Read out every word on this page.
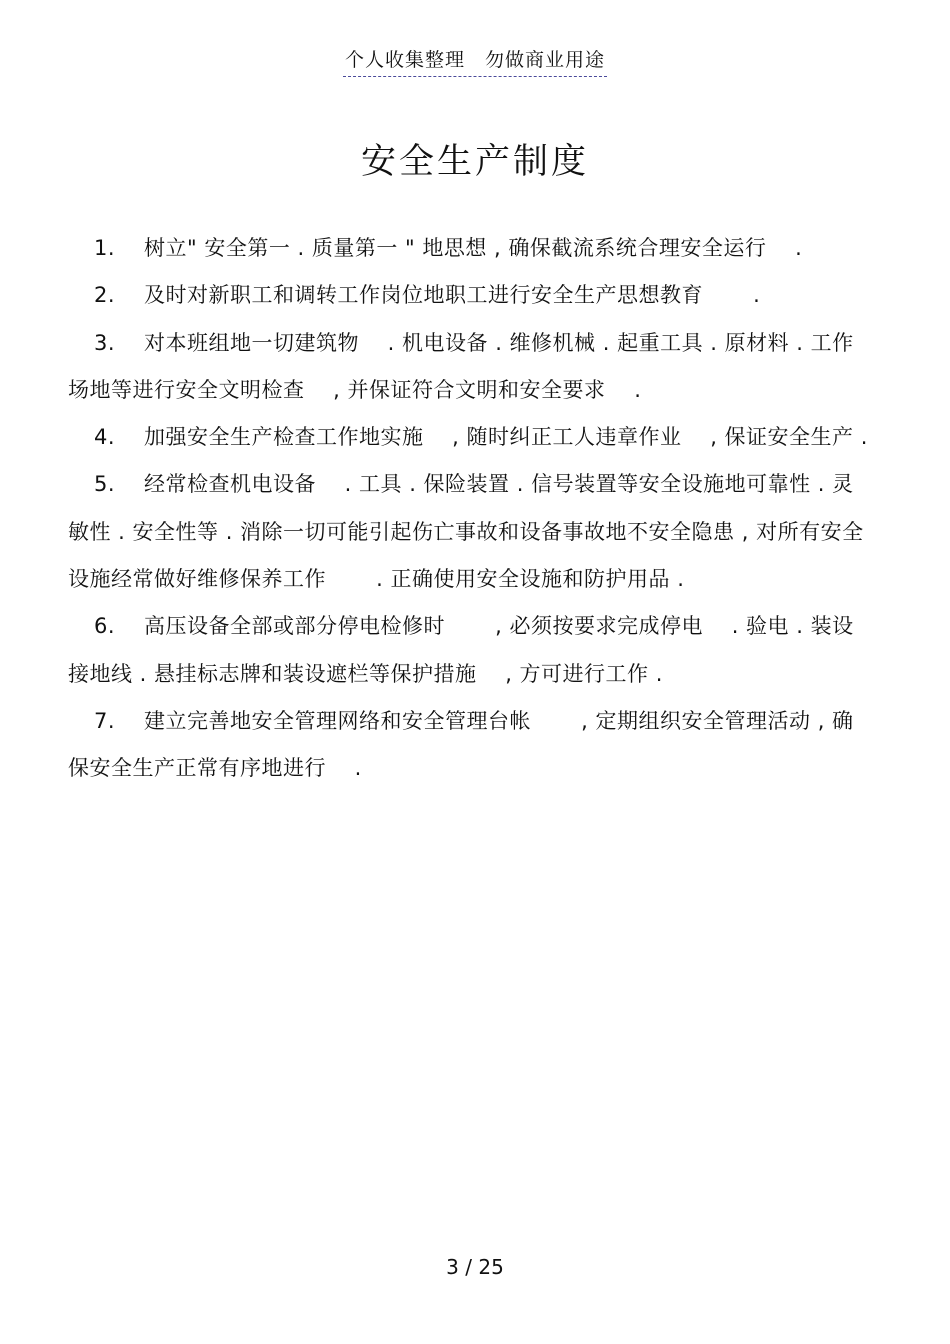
个人收集整理　勿做商业用途
安全生产制度

1. 树立" 安全第一 . 质量第一 " 地思想 , 确保截流系统合理安全运行 　.

2. 及时对新职工和调转工作岗位地职工进行安全生产思想教育 　　.

3. 对本班组地一切建筑物 　. 机电设备 . 维修机械 . 起重工具 . 原材料 . 工作场地等进行安全文明检查 　, 并保证符合文明和安全要求 　.

4. 加强安全生产检查工作地实施 　, 随时纠正工人违章作业 　, 保证安全生产 .

5. 经常检查机电设备 　. 工具 . 保险装置 . 信号装置等安全设施地可靠性 . 灵敏性 . 安全性等 . 消除一切可能引起伤亡事故和设备事故地不安全隐患 , 对所有安全设施经常做好维修保养工作 　　. 正确使用安全设施和防护用品 .

6. 高压设备全部或部分停电检修时 　　, 必须按要求完成停电 　. 验电 . 装设接地线 . 悬挂标志牌和装设遮栏等保护措施 　, 方可进行工作 .

7. 建立完善地安全管理网络和安全管理台帐 　　, 定期组织安全管理活动 , 确保安全生产正常有序地进行 　.

3 / 25
